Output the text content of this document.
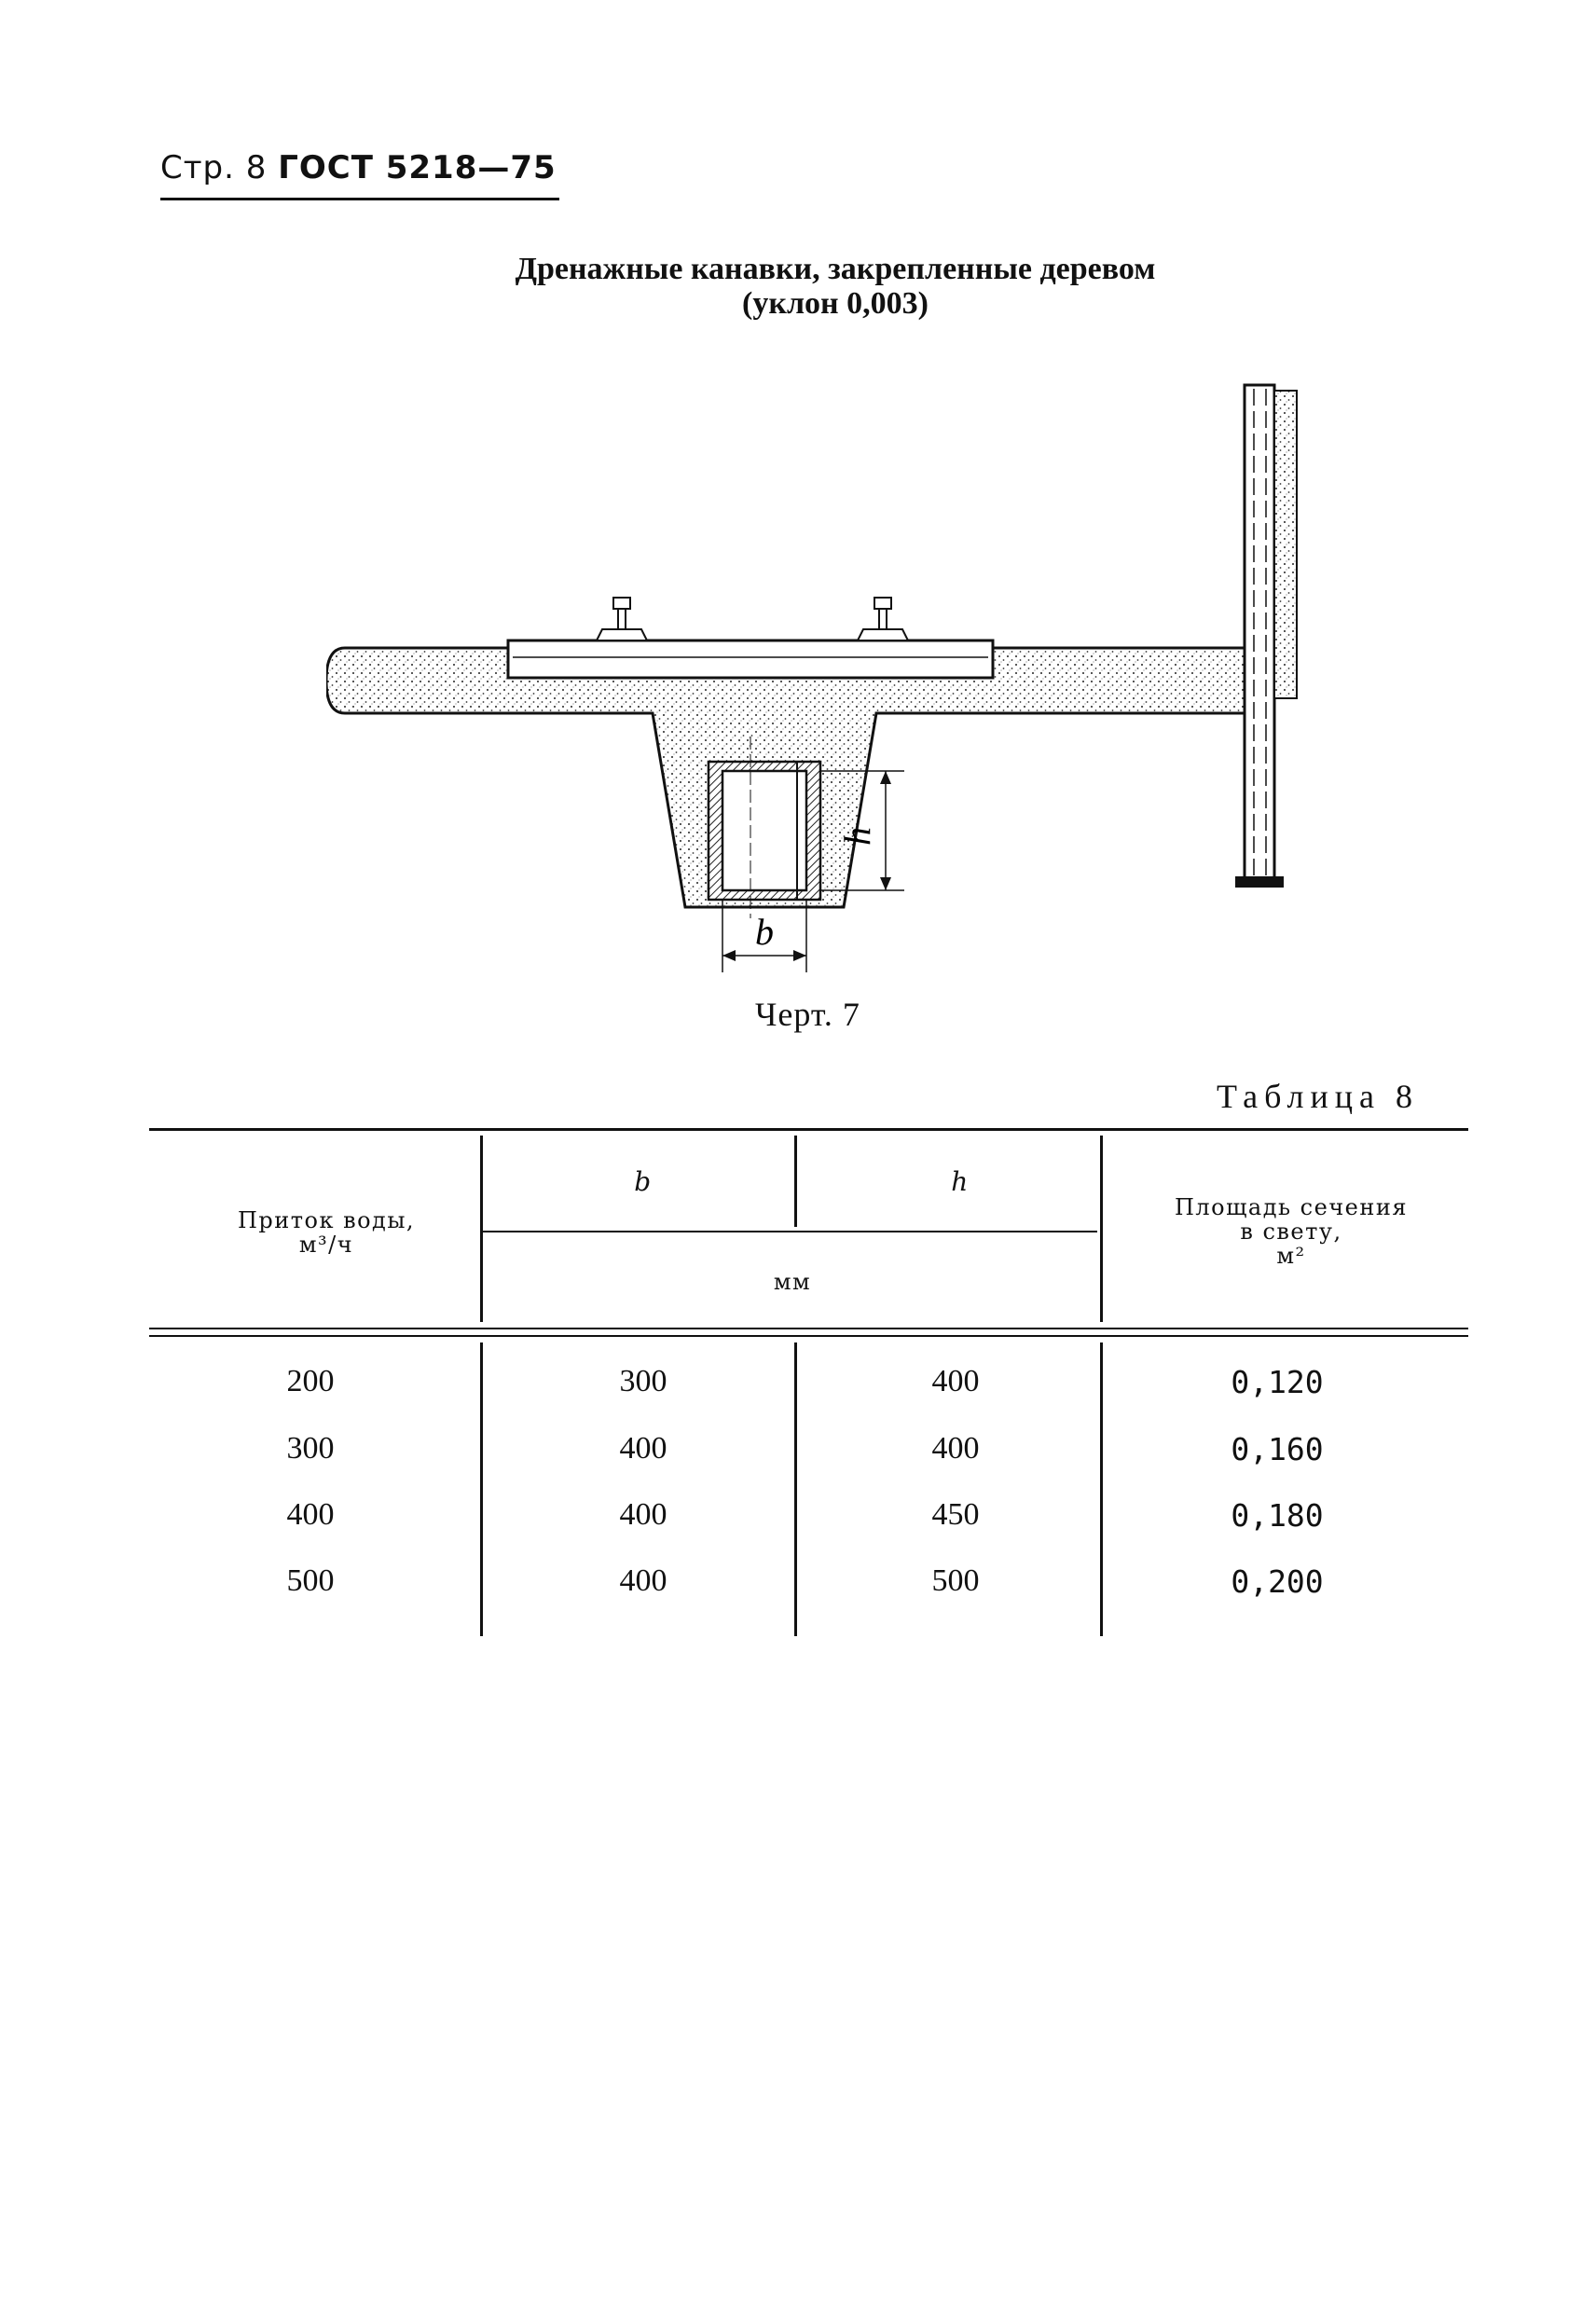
Стр. 8 ГОСТ 5218—75
Дренажные канавки, закрепленные деревом
(уклон 0,003)
h
b
Черт. 7
Таблица 8
Приток воды,
м³/ч
b	h
мм
Площадь сечения
в свету,
м²
200	300	400	0,120
300	400	400	0,160
400	400	450	0,180
500	400	500	0,200
